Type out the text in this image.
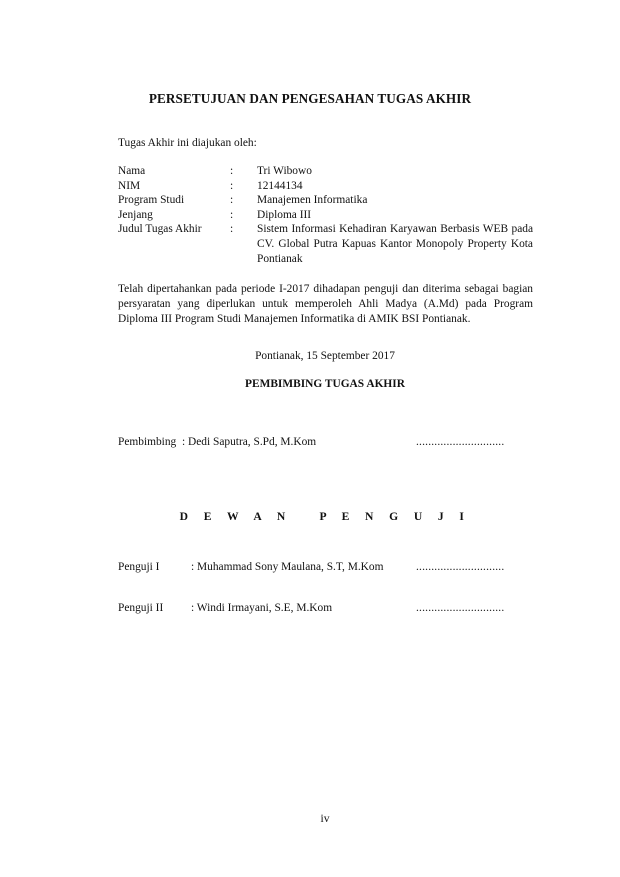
PERSETUJUAN DAN PENGESAHAN TUGAS AKHIR
Tugas Akhir ini diajukan oleh:
Nama	:	Tri Wibowo
NIM	:	12144134
Program Studi	:	Manajemen Informatika
Jenjang	:	Diploma III
Judul Tugas Akhir	:	Sistem Informasi Kehadiran Karyawan Berbasis WEB pada CV. Global Putra Kapuas Kantor Monopoly Property Kota Pontianak
Telah dipertahankan pada periode I-2017 dihadapan penguji dan diterima sebagai bagian persyaratan yang diperlukan untuk memperoleh Ahli Madya (A.Md) pada Program Diploma III Program Studi Manajemen Informatika di AMIK BSI Pontianak.
Pontianak, 15 September 2017
PEMBIMBING TUGAS AKHIR
Pembimbing : Dedi Saputra, S.Pd, M.Kom	.............................
D E W A N   P E N G U J I
Penguji I	: Muhammad Sony Maulana, S.T, M.Kom	.............................
Penguji II	: Windi Irmayani, S.E, M.Kom	.............................
iv
